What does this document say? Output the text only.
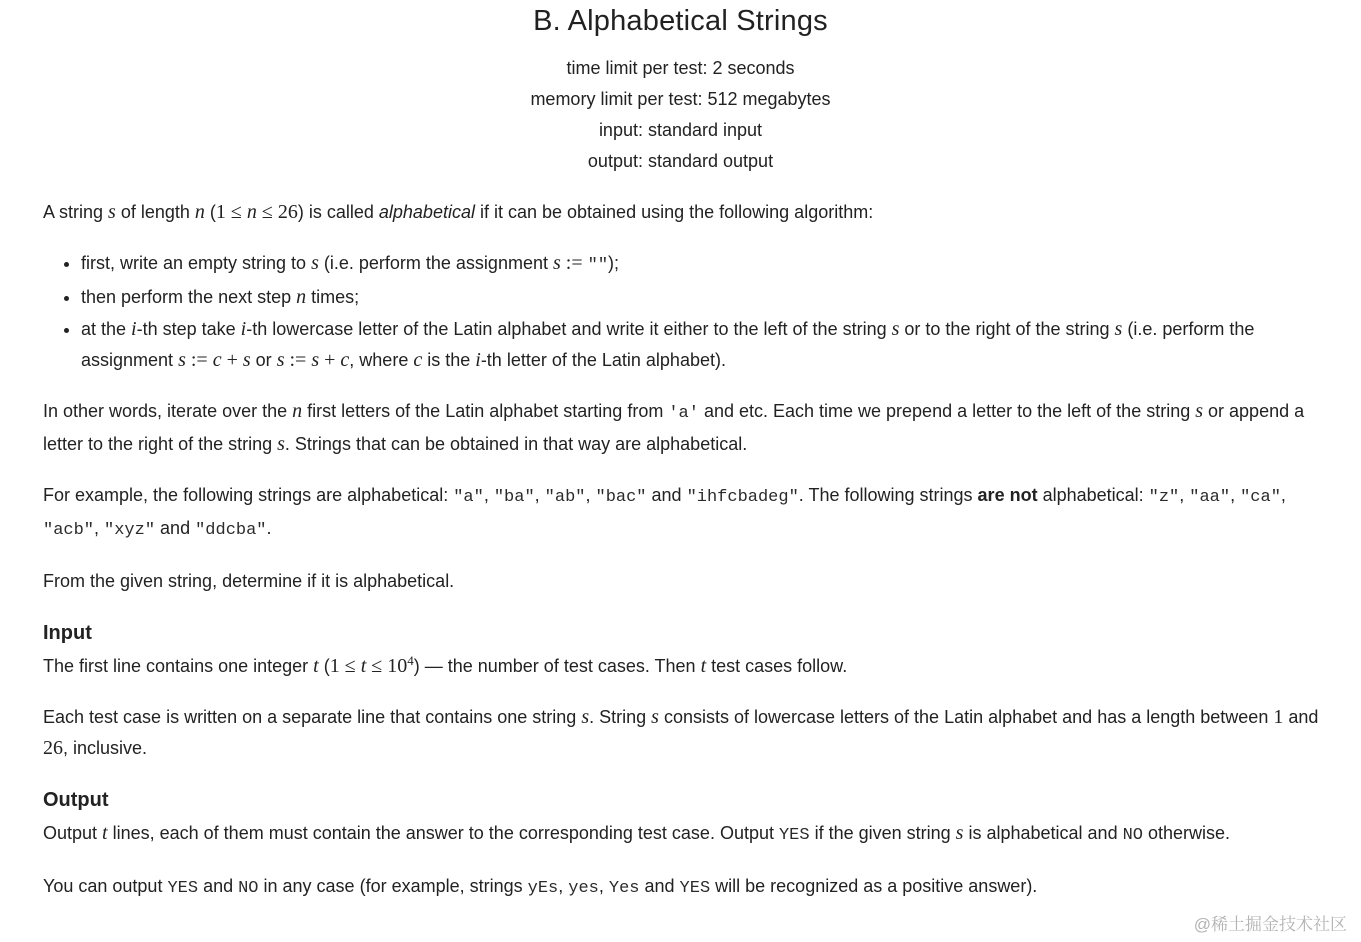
B. Alphabetical Strings
time limit per test: 2 seconds
memory limit per test: 512 megabytes
input: standard input
output: standard output
A string s of length n (1 ≤ n ≤ 26) is called alphabetical if it can be obtained using the following algorithm:
• first, write an empty string to s (i.e. perform the assignment s := "");
• then perform the next step n times;
• at the i-th step take i-th lowercase letter of the Latin alphabet and write it either to the left of the string s or to the right of the string s (i.e. perform the assignment s := c + s or s := s + c, where c is the i-th letter of the Latin alphabet).
In other words, iterate over the n first letters of the Latin alphabet starting from 'a' and etc. Each time we prepend a letter to the left of the string s or append a letter to the right of the string s. Strings that can be obtained in that way are alphabetical.
For example, the following strings are alphabetical: "a", "ba", "ab", "bac" and "ihfcbadeg". The following strings are not alphabetical: "z", "aa", "ca", "acb", "xyz" and "ddcba".
From the given string, determine if it is alphabetical.
Input
The first line contains one integer t $(1 \le t \le 10^4)$ — the number of test cases. Then t test cases follow.
Each test case is written on a separate line that contains one string s. String s consists of lowercase letters of the Latin alphabet and has a length between 1 and 26, inclusive.
Output
Output t lines, each of them must contain the answer to the corresponding test case. Output YES if the given string s is alphabetical and NO otherwise.
You can output YES and NO in any case (for example, strings yEs, yes, Yes and YES will be recognized as a positive answer).
@稀土掘金技术社区
